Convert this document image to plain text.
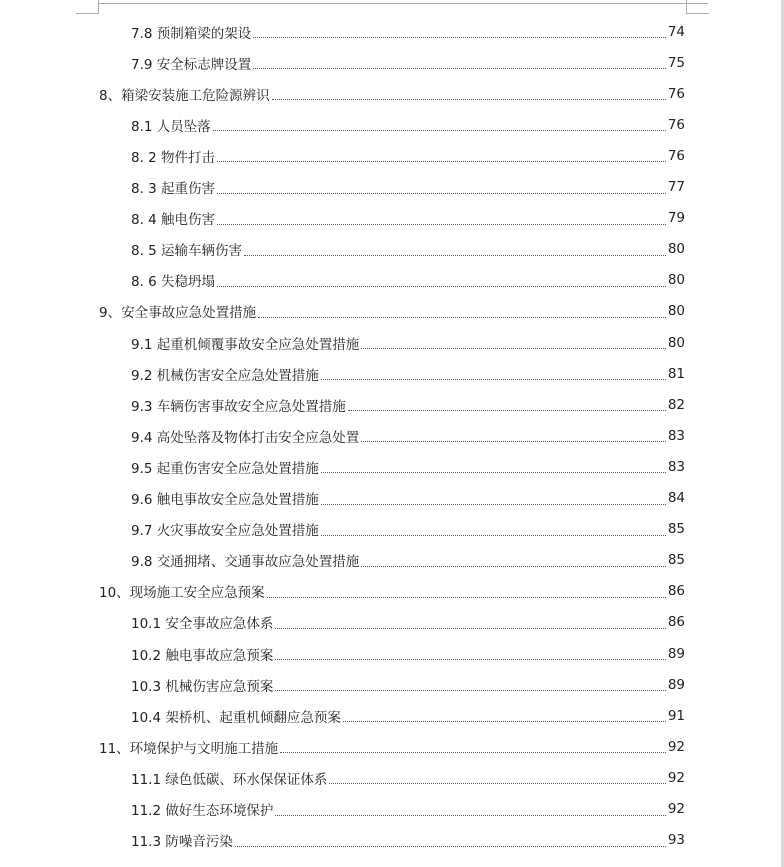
7.8 预制箱梁的架设	74
7.9 安全标志牌设置	75
8、箱梁安装施工危险源辨识	76
8.1 人员坠落	76
8. 2 物件打击	76
8. 3 起重伤害	77
8. 4 触电伤害	79
8. 5 运输车辆伤害	80
8. 6 失稳坍塌	80
9、安全事故应急处置措施	80
9.1 起重机倾覆事故安全应急处置措施	80
9.2 机械伤害安全应急处置措施	81
9.3 车辆伤害事故安全应急处置措施	82
9.4 高处坠落及物体打击安全应急处置	83
9.5 起重伤害安全应急处置措施	83
9.6 触电事故安全应急处置措施	84
9.7 火灾事故安全应急处置措施	85
9.8 交通拥堵、交通事故应急处置措施	85
10、现场施工安全应急预案	86
10.1 安全事故应急体系	86
10.2 触电事故应急预案	89
10.3 机械伤害应急预案	89
10.4 架桥机、起重机倾翻应急预案	91
11、环境保护与文明施工措施	92
11.1 绿色低碳、环水保保证体系	92
11.2 做好生态环境保护	92
11.3 防噪音污染	93
